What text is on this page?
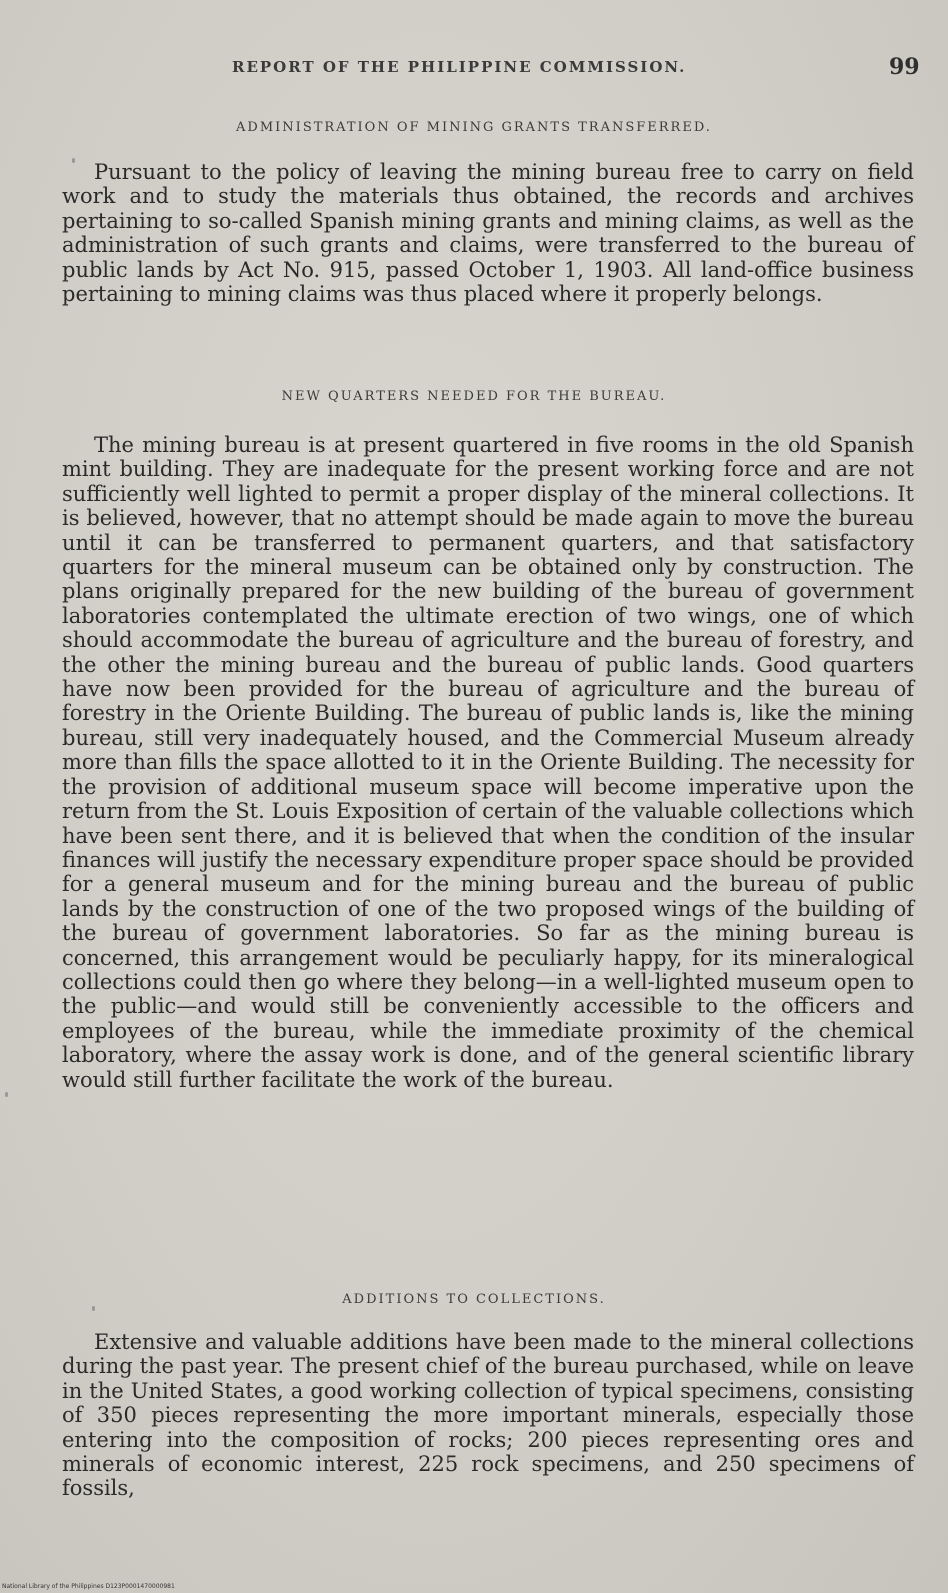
REPORT OF THE PHILIPPINE COMMISSION.	99
ADMINISTRATION OF MINING GRANTS TRANSFERRED.

Pursuant to the policy of leaving the mining bureau free to carry on field work and to study the materials thus obtained, the records and archives pertaining to so-called Spanish mining grants and mining claims, as well as the administration of such grants and claims, were transferred to the bureau of public lands by Act No. 915, passed October 1, 1903. All land-office business pertaining to mining claims was thus placed where it properly belongs.

NEW QUARTERS NEEDED FOR THE BUREAU.

The mining bureau is at present quartered in five rooms in the old Spanish mint building. They are inadequate for the present working force and are not sufficiently well lighted to permit a proper display of the mineral collections. It is believed, however, that no attempt should be made again to move the bureau until it can be transferred to permanent quarters, and that satisfactory quarters for the mineral museum can be obtained only by construction. The plans originally prepared for the new building of the bureau of government laboratories contemplated the ultimate erection of two wings, one of which should accommodate the bureau of agriculture and the bureau of forestry, and the other the mining bureau and the bureau of public lands. Good quarters have now been provided for the bureau of agriculture and the bureau of forestry in the Oriente Building. The bureau of public lands is, like the mining bureau, still very inadequately housed, and the Commercial Museum already more than fills the space allotted to it in the Oriente Building. The necessity for the provision of additional museum space will become imperative upon the return from the St. Louis Exposition of certain of the valuable collections which have been sent there, and it is believed that when the condition of the insular finances will justify the necessary expenditure proper space should be provided for a general museum and for the mining bureau and the bureau of public lands by the construction of one of the two proposed wings of the building of the bureau of government laboratories. So far as the mining bureau is concerned, this arrangement would be peculiarly happy, for its mineralogical collections could then go where they belong—in a well-lighted museum open to the public—and would still be conveniently accessible to the officers and employees of the bureau, while the immediate proximity of the chemical laboratory, where the assay work is done, and of the general scientific library would still further facilitate the work of the bureau.

ADDITIONS TO COLLECTIONS.

Extensive and valuable additions have been made to the mineral collections during the past year. The present chief of the bureau purchased, while on leave in the United States, a good working collection of typical specimens, consisting of 350 pieces representing the more important minerals, especially those entering into the composition of rocks; 200 pieces representing ores and minerals of economic interest, 225 rock specimens, and 250 specimens of fossils,

National Library of the Philippines D123P0001470000981
